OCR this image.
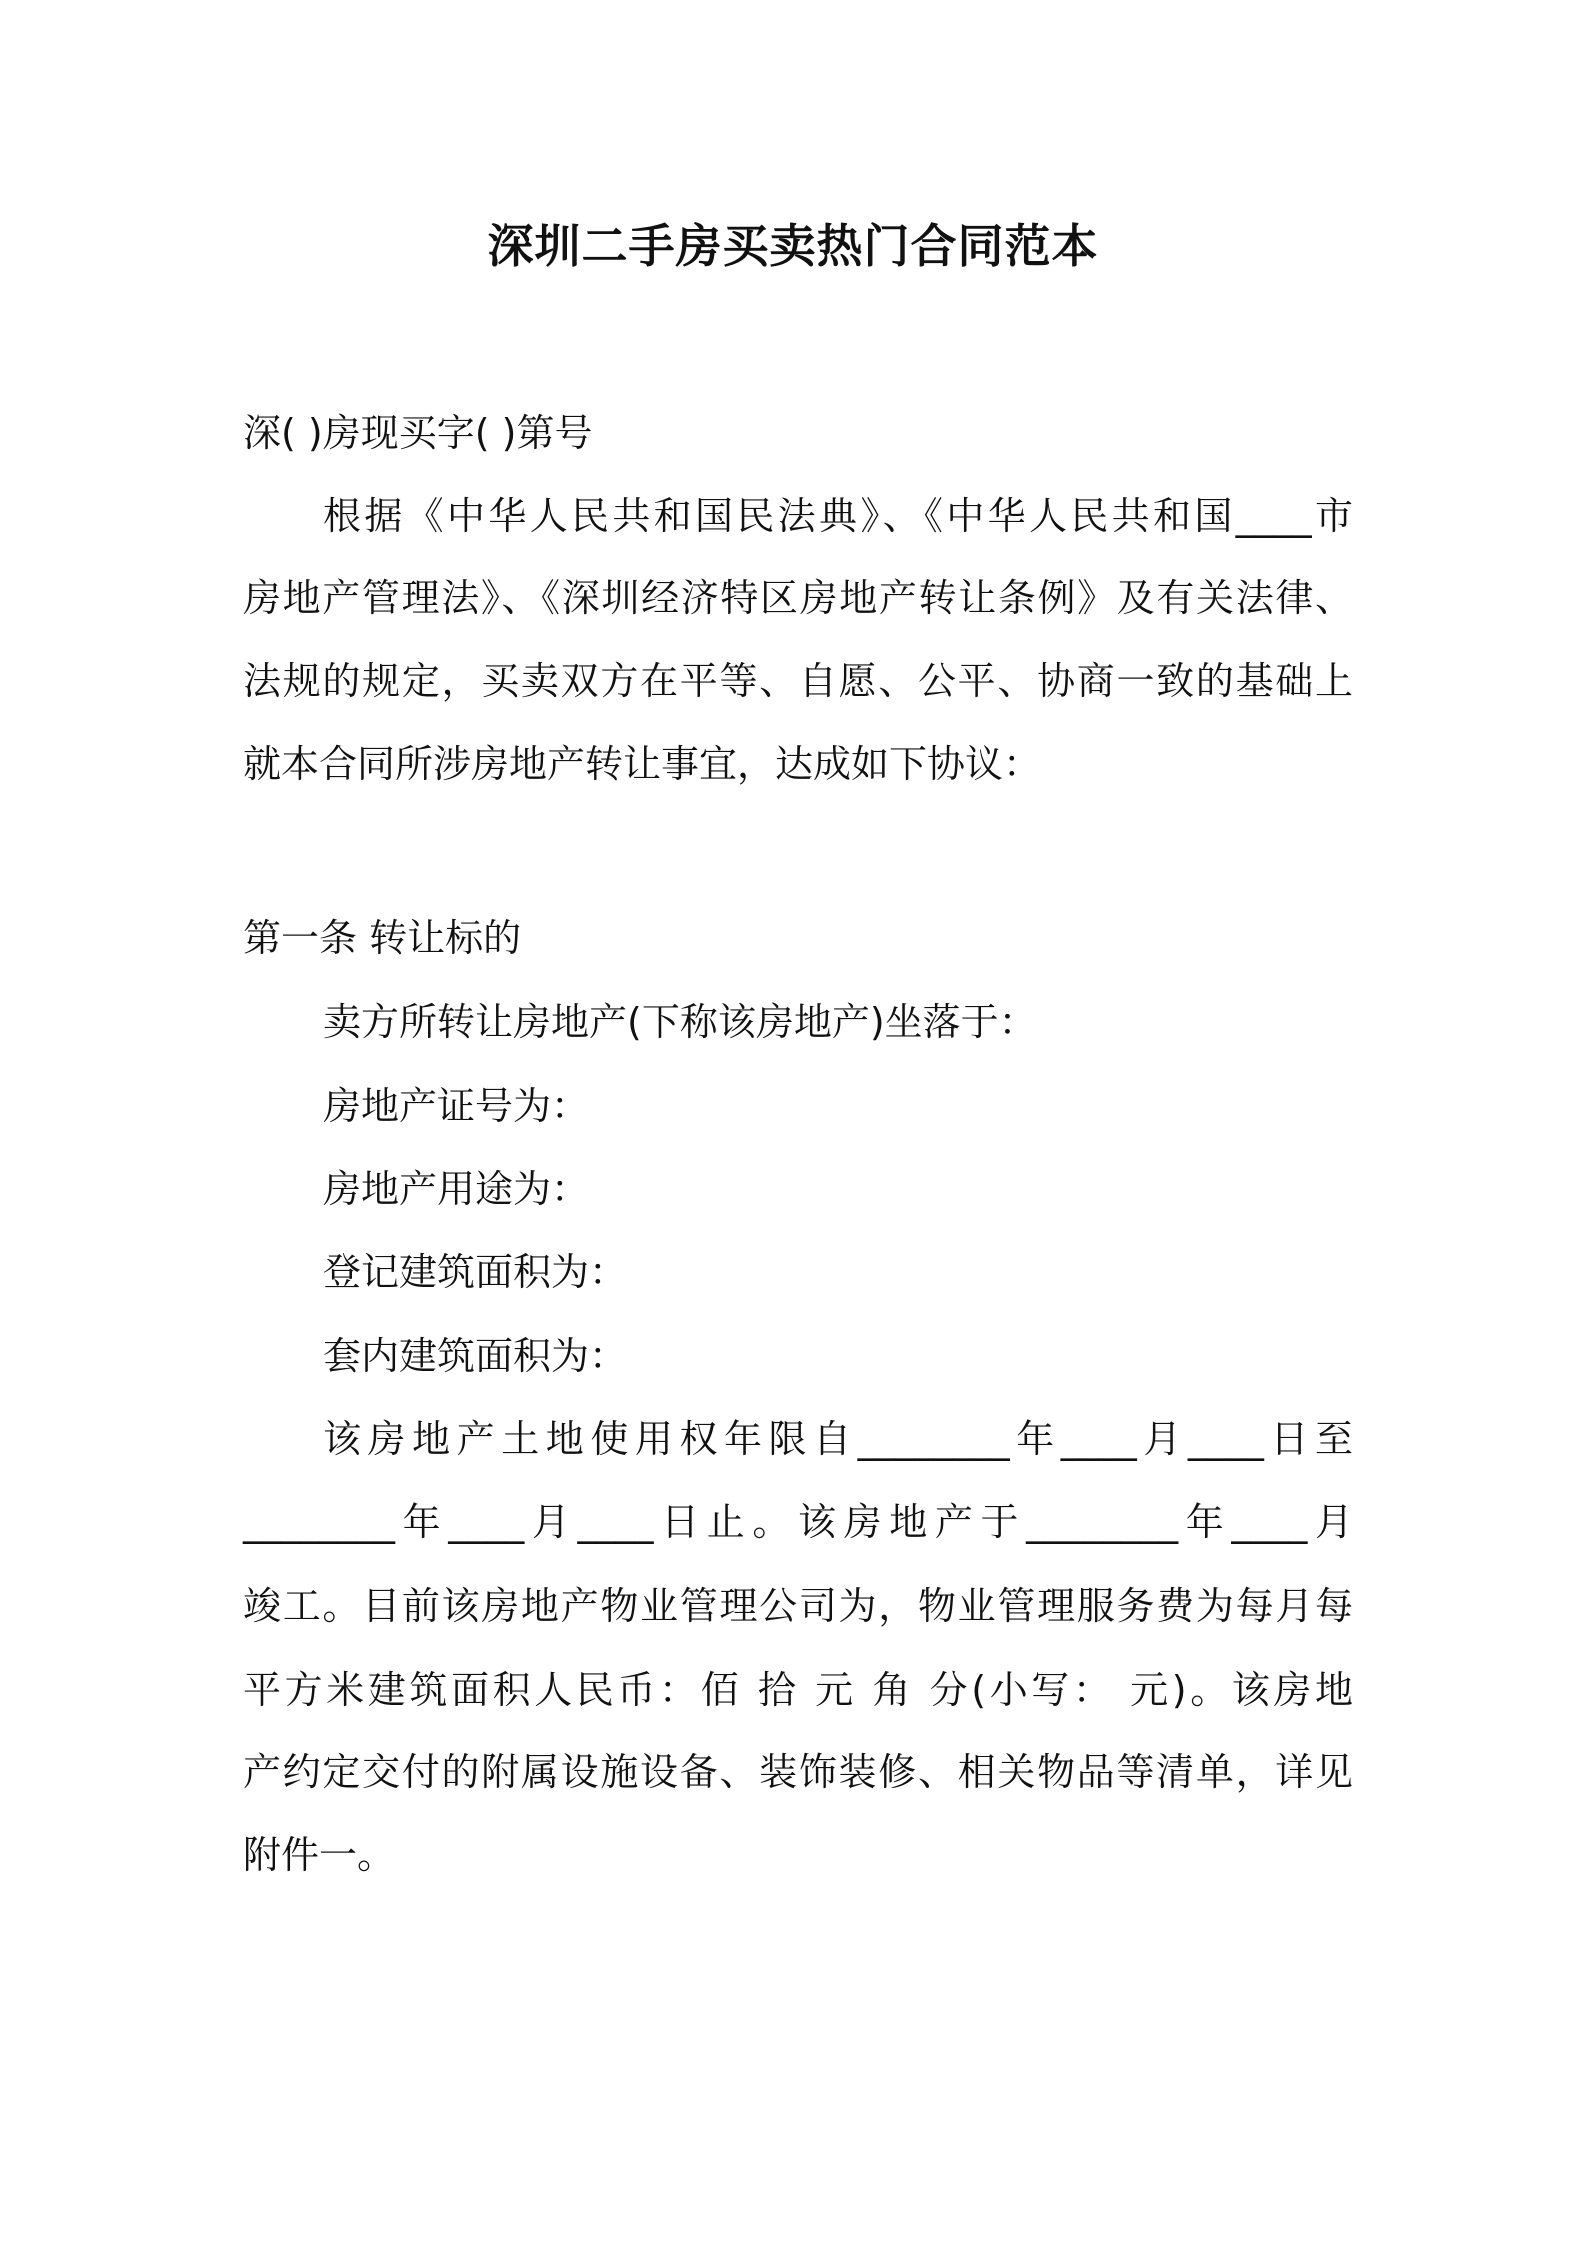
深圳二手房买卖热门合同范本
深( )房现买字( )第号
根据《中华人民共和国民法典》、《中华人民共和国____市
房地产管理法》、《深圳经济特区房地产转让条例》及有关法律、
法规的规定，买卖双方在平等、自愿、公平、协商一致的基础上
就本合同所涉房地产转让事宜，达成如下协议：
第一条 转让标的
卖方所转让房地产(下称该房地产)坐落于：
房地产证号为：
房地产用途为：
登记建筑面积为：
套内建筑面积为：
该房地产土地使用权年限自________年____月____日至
________年____月____日止。该房地产于________年____月
竣工。目前该房地产物业管理公司为，物业管理服务费为每月每
平方米建筑面积人民币：佰 拾 元 角 分(小写： 元)。该房地
产约定交付的附属设施设备、装饰装修、相关物品等清单，详见
附件一。
